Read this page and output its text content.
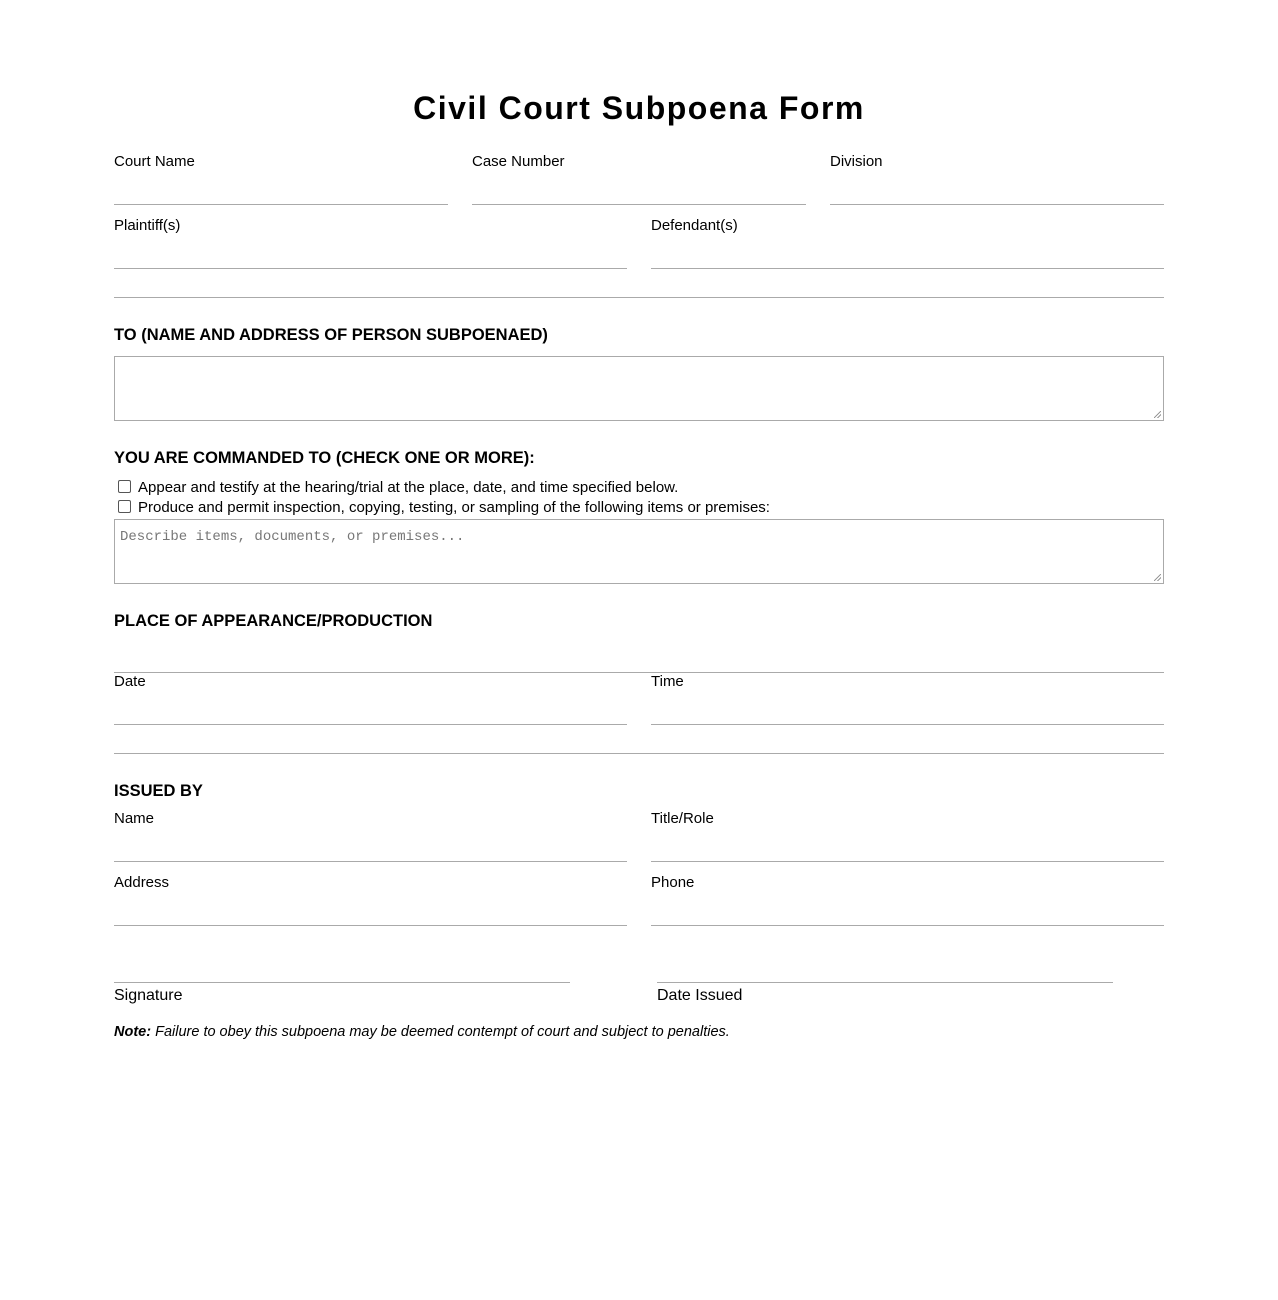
Civil Court Subpoena Form
Court Name	Case Number	Division
Plaintiff(s)	Defendant(s)
TO (NAME AND ADDRESS OF PERSON SUBPOENAED)
YOU ARE COMMANDED TO (CHECK ONE OR MORE):
Appear and testify at the hearing/trial at the place, date, and time specified below.
Produce and permit inspection, copying, testing, or sampling of the following items or premises:
Describe items, documents, or premises...
PLACE OF APPEARANCE/PRODUCTION
Date	Time
ISSUED BY
Name	Title/Role
Address	Phone
Signature	Date Issued
Note: Failure to obey this subpoena may be deemed contempt of court and subject to penalties.
